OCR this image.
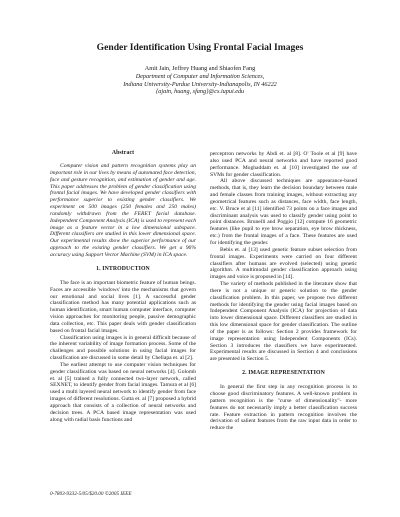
Gender Identification Using Frontal Facial Images
Amit Jain, Jeffrey Huang and Shiaofen Fang
Department of Computer and Information Sciences,
Indiana University-Purdue University-Indianapolis, IN 46222
{ajain, huang, sfang}@cs.iupui.edu

Abstract

Computer vision and pattern recognition systems play an important role in our lives by means of automated face detection, face and gesture recognition, and estimation of gender and age. This paper addresses the problem of gender classification using frontal facial images. We have developed gender classifiers with performance superior to existing gender classifiers. We experiment on 500 images (250 females and 250 males) randomly withdrawn from the FERET facial database. Independent Component Analysis (ICA) is used to represent each image as a feature vector in a low dimensional subspace. Different classifiers are studied in this lower dimensional space. Our experimental results show the superior performance of our approach to the existing gender classifiers. We get a 96% accuracy using Support Vector Machine (SVM) in ICA space.

1. INTRODUCTION

The face is an important biometric feature of human beings. Faces are accessible 'windows' into the mechanisms that govern our emotional and social lives [1]. A successful gender classification method has many potential applications such as human identification, smart human computer interface, computer vision approaches for monitoring people, passive demographic data collection, etc. This paper deals with gender classification based on frontal facial images.

Classification using images is in general difficult because of the inherent variability of image formation process. Some of the challenges and possible solutions in using facial images for classification are discussed in some detail by Chellapa et. al [2].

The earliest attempt to use computer vision techniques for gender classification was based on neural networks [4]. Golomb et. al [5] trained a fully connected two-layer network, called SEXNET, to identify gender from facial images. Tamura et al [6] used a multi layered neural network to identify gender from face images of different resolutions. Gutta et. al [7] proposed a hybrid approach that consists of a collection of neural networks and decision trees. A PCA based image representation was used along with radial basis functions and

perceptron networks by Abdi et. al [8]. O' Toole et al [9] have also used PCA and neural networks and have reported good performance. Moghaddam et. al [10] investigated the use of SVMs for gender classification.

All above discussed techniques are appearance-based methods, that is, they learn the decision boundary between male and female classes from training images, without extracting any geometrical features such as distances, face width, face length, etc. V. Bruce et al [11] identified 73 points on a face images and discriminant analysis was used to classify gender using point to point distances. Brunelli and Poggio [12] compute 16 geometric features (like pupil to eye brow separation, eye brow thickness, etc.) from the frontal images of a face. These features are used for identifying the gender.

Bebis et. al [13] used genetic feature subset selection from frontal images. Experiments were carried on four different classifiers after humans are evolved (selected) using genetic algorithm. A multimodal gender classification approach using images and voice is proposed in [14].

The variety of methods published in the literature show that there is not a unique or generic solution to the gender classification problem. In this paper, we propose two different methods for identifying the gender using facial images based on Independent Component Analysis (ICA) for projection of data into lower dimensional space. Different classifiers are studied in this low dimensional space for gender classification. The outline of the paper is as follows: Section 2 provides framework for image representation using Independent Components (ICs). Section 3 introduces the classifiers we have experimented. Experimental results are discussed in Section 4 and conclusions are presented in Section 5.

2. IMAGE REPRESENTATION

In general the first step in any recognition process is to choose good discriminatory features. A well-known problem in pattern recognition is the "curse of dimensionality"- more features do not necessarily imply a better classification success rate. Feature extraction in pattern recognition involves the derivation of salient features from the raw input data in order to reduce the

0-7803-9332-5/05/$20.00 ©2005 IEEE
